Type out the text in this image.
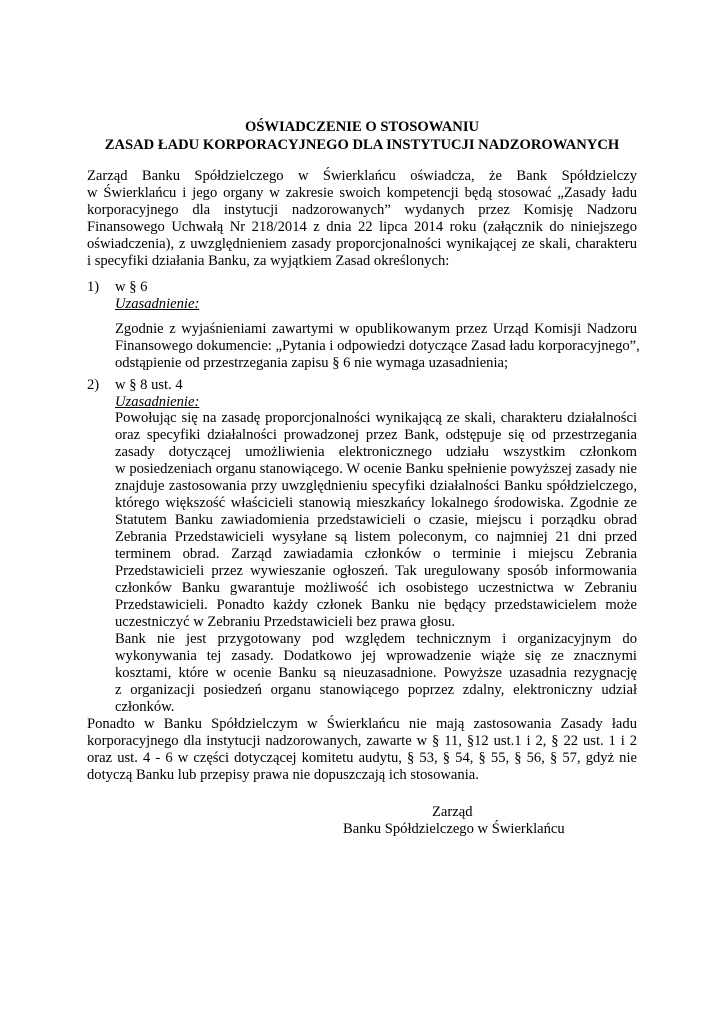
OŚWIADCZENIE O STOSOWANIU
ZASAD ŁADU KORPORACYJNEGO DLA INSTYTUCJI NADZOROWANYCH
Zarząd Banku Spółdzielczego w Świerklańcu oświadcza, że Bank Spółdzielczy
w Świerklańcu i jego organy w zakresie swoich kompetencji będą stosować „Zasady ładu
korporacyjnego dla instytucji nadzorowanych” wydanych przez Komisję Nadzoru
Finansowego Uchwałą Nr 218/2014 z dnia 22 lipca 2014 roku (załącznik do niniejszego
oświadczenia), z uwzględnieniem zasady proporcjonalności wynikającej ze skali, charakteru
i specyfiki działania Banku, za wyjątkiem Zasad określonych:
1) w § 6
Uzasadnienie:
Zgodnie z wyjaśnieniami zawartymi w opublikowanym przez Urząd Komisji Nadzoru
Finansowego dokumencie: „Pytania i odpowiedzi dotyczące Zasad ładu korporacyjnego”,
odstąpienie od przestrzegania zapisu § 6 nie wymaga uzasadnienia;
2) w § 8 ust. 4
Uzasadnienie:
Powołując się na zasadę proporcjonalności wynikającą ze skali, charakteru działalności
oraz specyfiki działalności prowadzonej przez Bank, odstępuje się od przestrzegania
zasady dotyczącej umożliwienia elektronicznego udziału wszystkim członkom
w posiedzeniach organu stanowiącego. W ocenie Banku spełnienie powyższej zasady nie
znajduje zastosowania przy uwzględnieniu specyfiki działalności Banku spółdzielczego,
którego większość właścicieli stanowią mieszkańcy lokalnego środowiska. Zgodnie ze
Statutem Banku zawiadomienia przedstawicieli o czasie, miejscu i porządku obrad
Zebrania Przedstawicieli wysyłane są listem poleconym, co najmniej 21 dni przed
terminem obrad. Zarząd zawiadamia członków o terminie i miejscu Zebrania
Przedstawicieli przez wywieszanie ogłoszeń. Tak uregulowany sposób informowania
członków Banku gwarantuje możliwość ich osobistego uczestnictwa w Zebraniu
Przedstawicieli. Ponadto każdy członek Banku nie będący przedstawicielem może
uczestniczyć w Zebraniu Przedstawicieli bez prawa głosu.
Bank nie jest przygotowany pod względem technicznym i organizacyjnym do
wykonywania tej zasady. Dodatkowo jej wprowadzenie wiąże się ze znacznymi
kosztami, które w ocenie Banku są nieuzasadnione. Powyższe uzasadnia rezygnację
z organizacji posiedzeń organu stanowiącego poprzez zdalny, elektroniczny udział
członków.
Ponadto w Banku Spółdzielczym w Świerklańcu nie mają zastosowania Zasady ładu
korporacyjnego dla instytucji nadzorowanych, zawarte w § 11, §12 ust.1 i 2, § 22 ust. 1 i 2
oraz ust. 4 - 6 w części dotyczącej komitetu audytu, § 53, § 54, § 55, § 56, § 57, gdyż nie
dotyczą Banku lub przepisy prawa nie dopuszczają ich stosowania.
Zarząd
Banku Spółdzielczego w Świerklańcu
